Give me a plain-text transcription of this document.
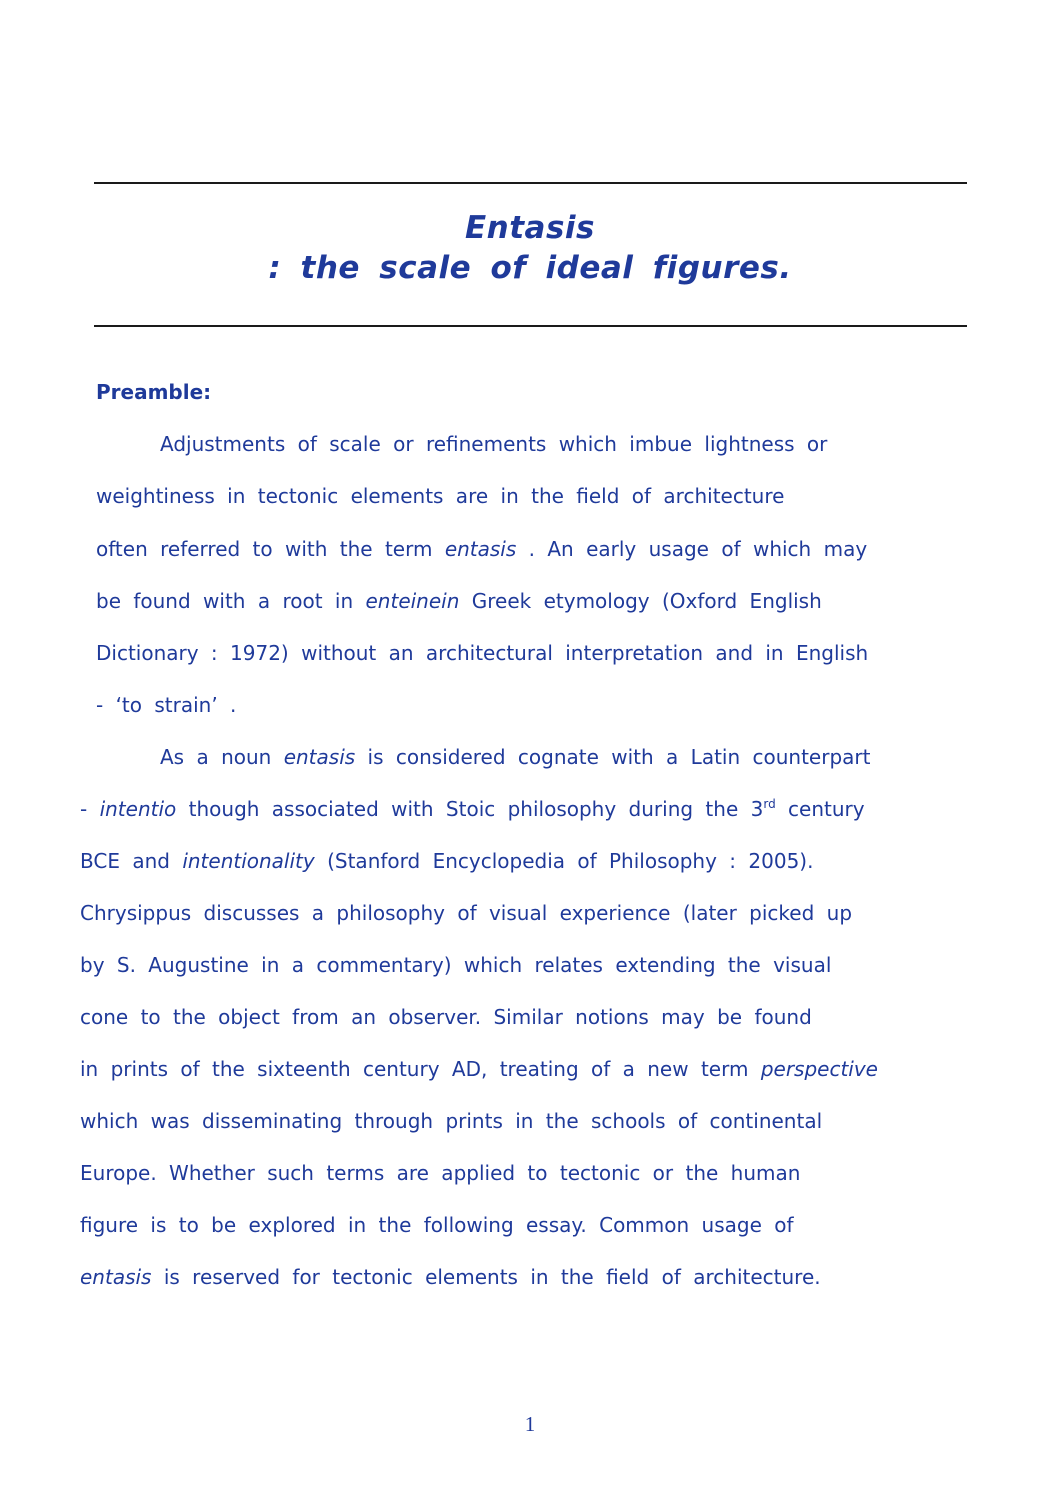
Entasis
: the scale of ideal figures.
Preamble:

Adjustments of scale or refinements which imbue lightness or

weightiness in tectonic elements are in the field of architecture

often referred to with the term entasis . An early usage of which may

be found with a root in enteinein Greek etymology (Oxford English

Dictionary : 1972) without an architectural interpretation and in English

- ‘to strain’ .

As a noun entasis is considered cognate with a Latin counterpart

- intentio though associated with Stoic philosophy during the 3rd century

BCE and intentionality (Stanford Encyclopedia of Philosophy : 2005).

Chrysippus discusses a philosophy of visual experience (later picked up

by S. Augustine in a commentary) which relates extending the visual

cone to the object from an observer. Similar notions may be found

in prints of the sixteenth century AD, treating of a new term perspective

which was disseminating through prints in the schools of continental

Europe. Whether such terms are applied to tectonic or the human

figure is to be explored in the following essay. Common usage of

entasis is reserved for tectonic elements in the field of architecture.

1
